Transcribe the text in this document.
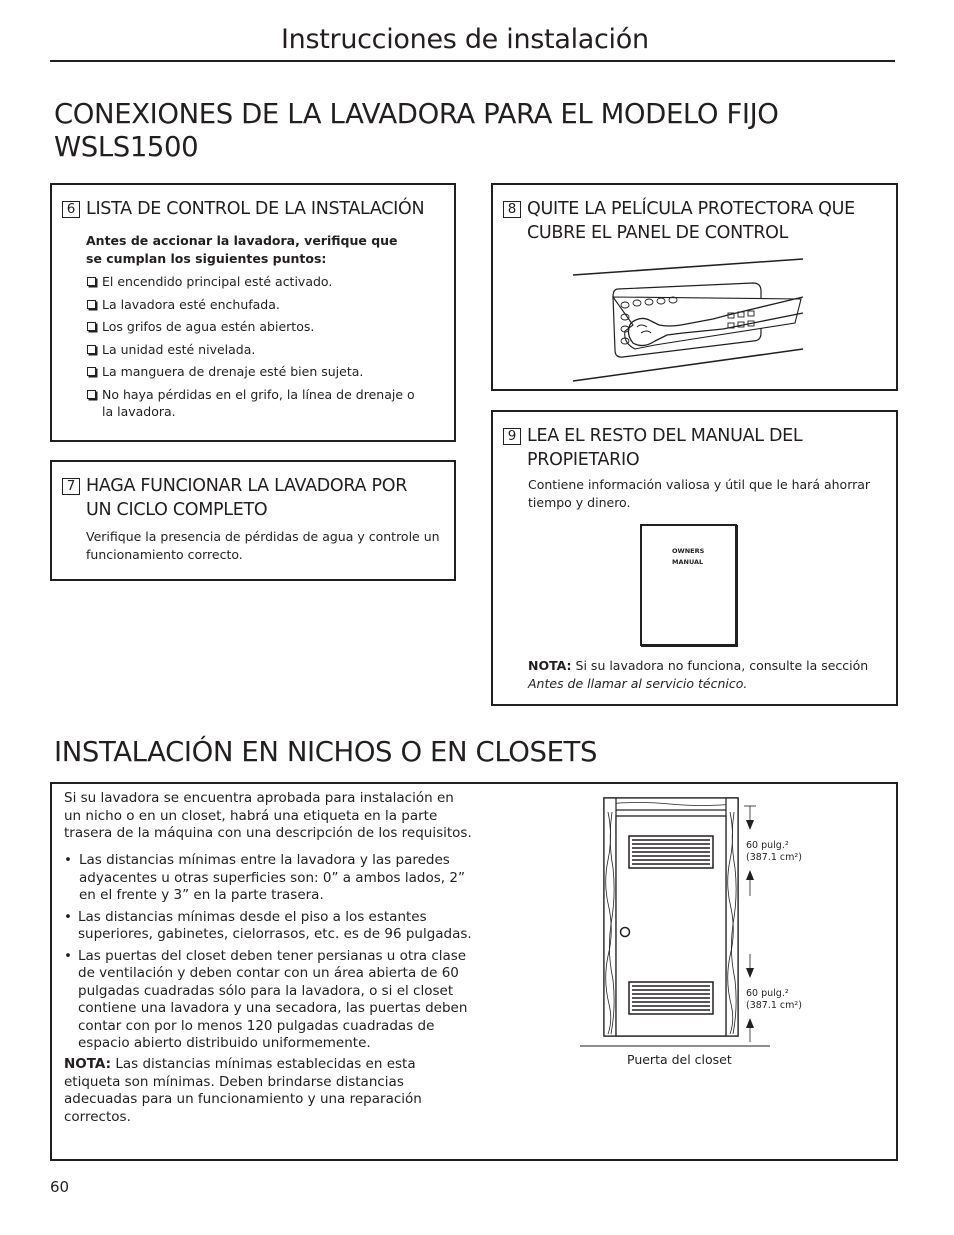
Instrucciones de instalación
CONEXIONES DE LA LAVADORA PARA EL MODELO FIJO WSLS1500
6 LISTA DE CONTROL DE LA INSTALACIÓN
Antes de accionar la lavadora, verifique que se cumplan los siguientes puntos:
El encendido principal esté activado.
La lavadora esté enchufada.
Los grifos de agua estén abiertos.
La unidad esté nivelada.
La manguera de drenaje esté bien sujeta.
No haya pérdidas en el grifo, la línea de drenaje o la lavadora.
7 HAGA FUNCIONAR LA LAVADORA POR UN CICLO COMPLETO
Verifique la presencia de pérdidas de agua y controle un funcionamiento correcto.
8 QUITE LA PELÍCULA PROTECTORA QUE CUBRE EL PANEL DE CONTROL
9 LEA EL RESTO DEL MANUAL DEL PROPIETARIO
Contiene información valiosa y útil que le hará ahorrar tiempo y dinero.
OWNERS
MANUAL
NOTA: Si su lavadora no funciona, consulte la sección
Antes de llamar al servicio técnico.
INSTALACIÓN EN NICHOS O EN CLOSETS
Si su lavadora se encuentra aprobada para instalación en un nicho o en un closet, habrá una etiqueta en la parte trasera de la máquina con una descripción de los requisitos.
• Las distancias mínimas entre la lavadora y las paredes adyacentes u otras superficies son: 0” a ambos lados, 2” en el frente y 3” en la parte trasera.
• Las distancias mínimas desde el piso a los estantes superiores, gabinetes, cielorrasos, etc. es de 96 pulgadas.
• Las puertas del closet deben tener persianas u otra clase de ventilación y deben contar con un área abierta de 60 pulgadas cuadradas sólo para la lavadora, o si el closet contiene una lavadora y una secadora, las puertas deben contar con por lo menos 120 pulgadas cuadradas de espacio abierto distribuido uniformemente.
NOTA: Las distancias mínimas establecidas en esta etiqueta son mínimas. Deben brindarse distancias adecuadas para un funcionamiento y una reparación correctos.
60 pulg.²
(387.1 cm²)
60 pulg.²
(387.1 cm²)
Puerta del closet
60
